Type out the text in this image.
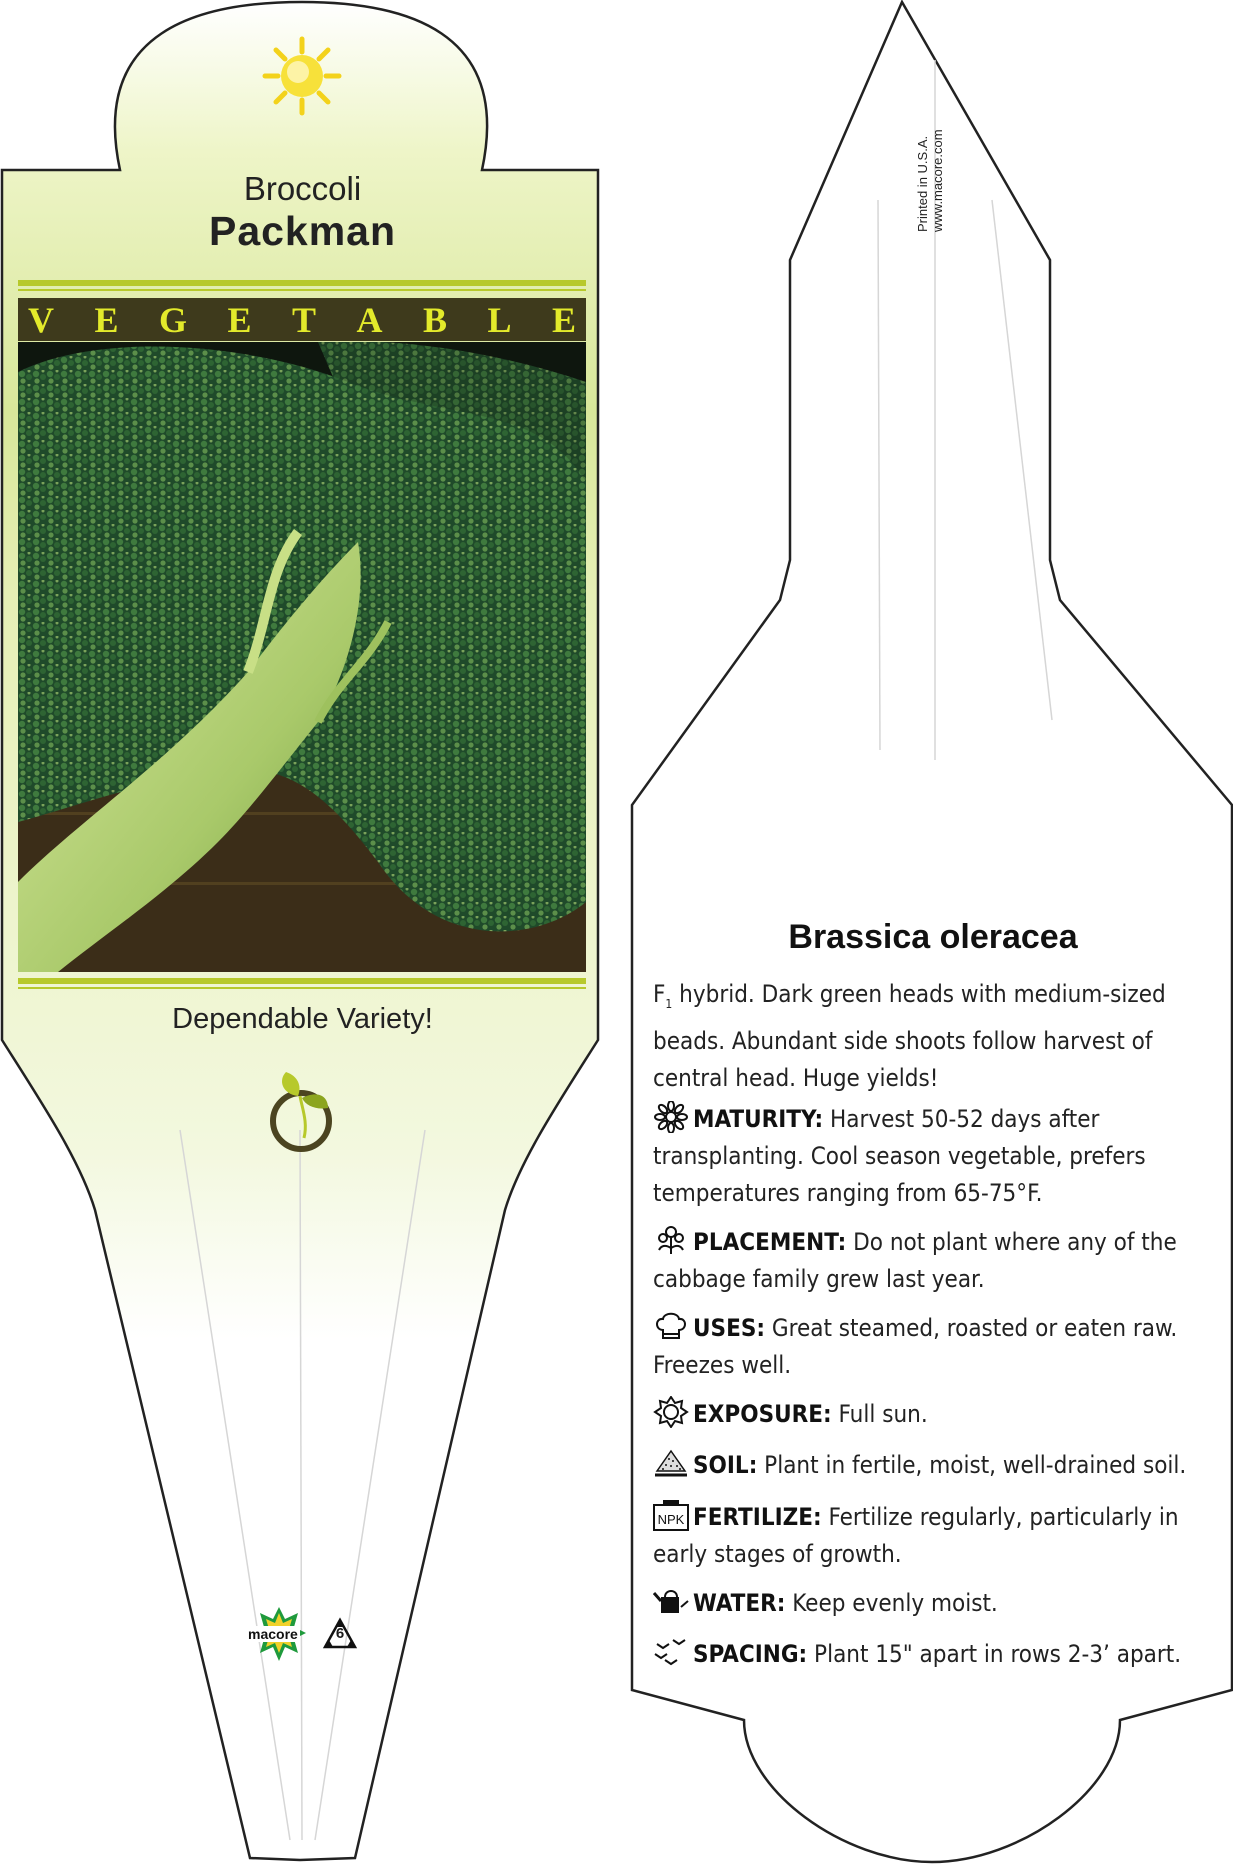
Broccoli
Packman
V E G E T A B L E
Dependable Variety!
macore	6
Printed in U.S.A. www.macore.com
Brassica oleracea
$F_1$ hybrid. Dark green heads with medium-sized beads. Abundant side shoots follow harvest of central head. Huge yields!
MATURITY: Harvest 50-52 days after transplanting. Cool season vegetable, prefers temperatures ranging from 65-75°F.
PLACEMENT: Do not plant where any of the cabbage family grew last year.
USES: Great steamed, roasted or eaten raw. Freezes well.
EXPOSURE: Full sun.
SOIL: Plant in fertile, moist, well-drained soil.
NPK FERTILIZE: Fertilize regularly, particularly in early stages of growth.
WATER: Keep evenly moist.
SPACING: Plant 15" apart in rows 2-3’ apart.
